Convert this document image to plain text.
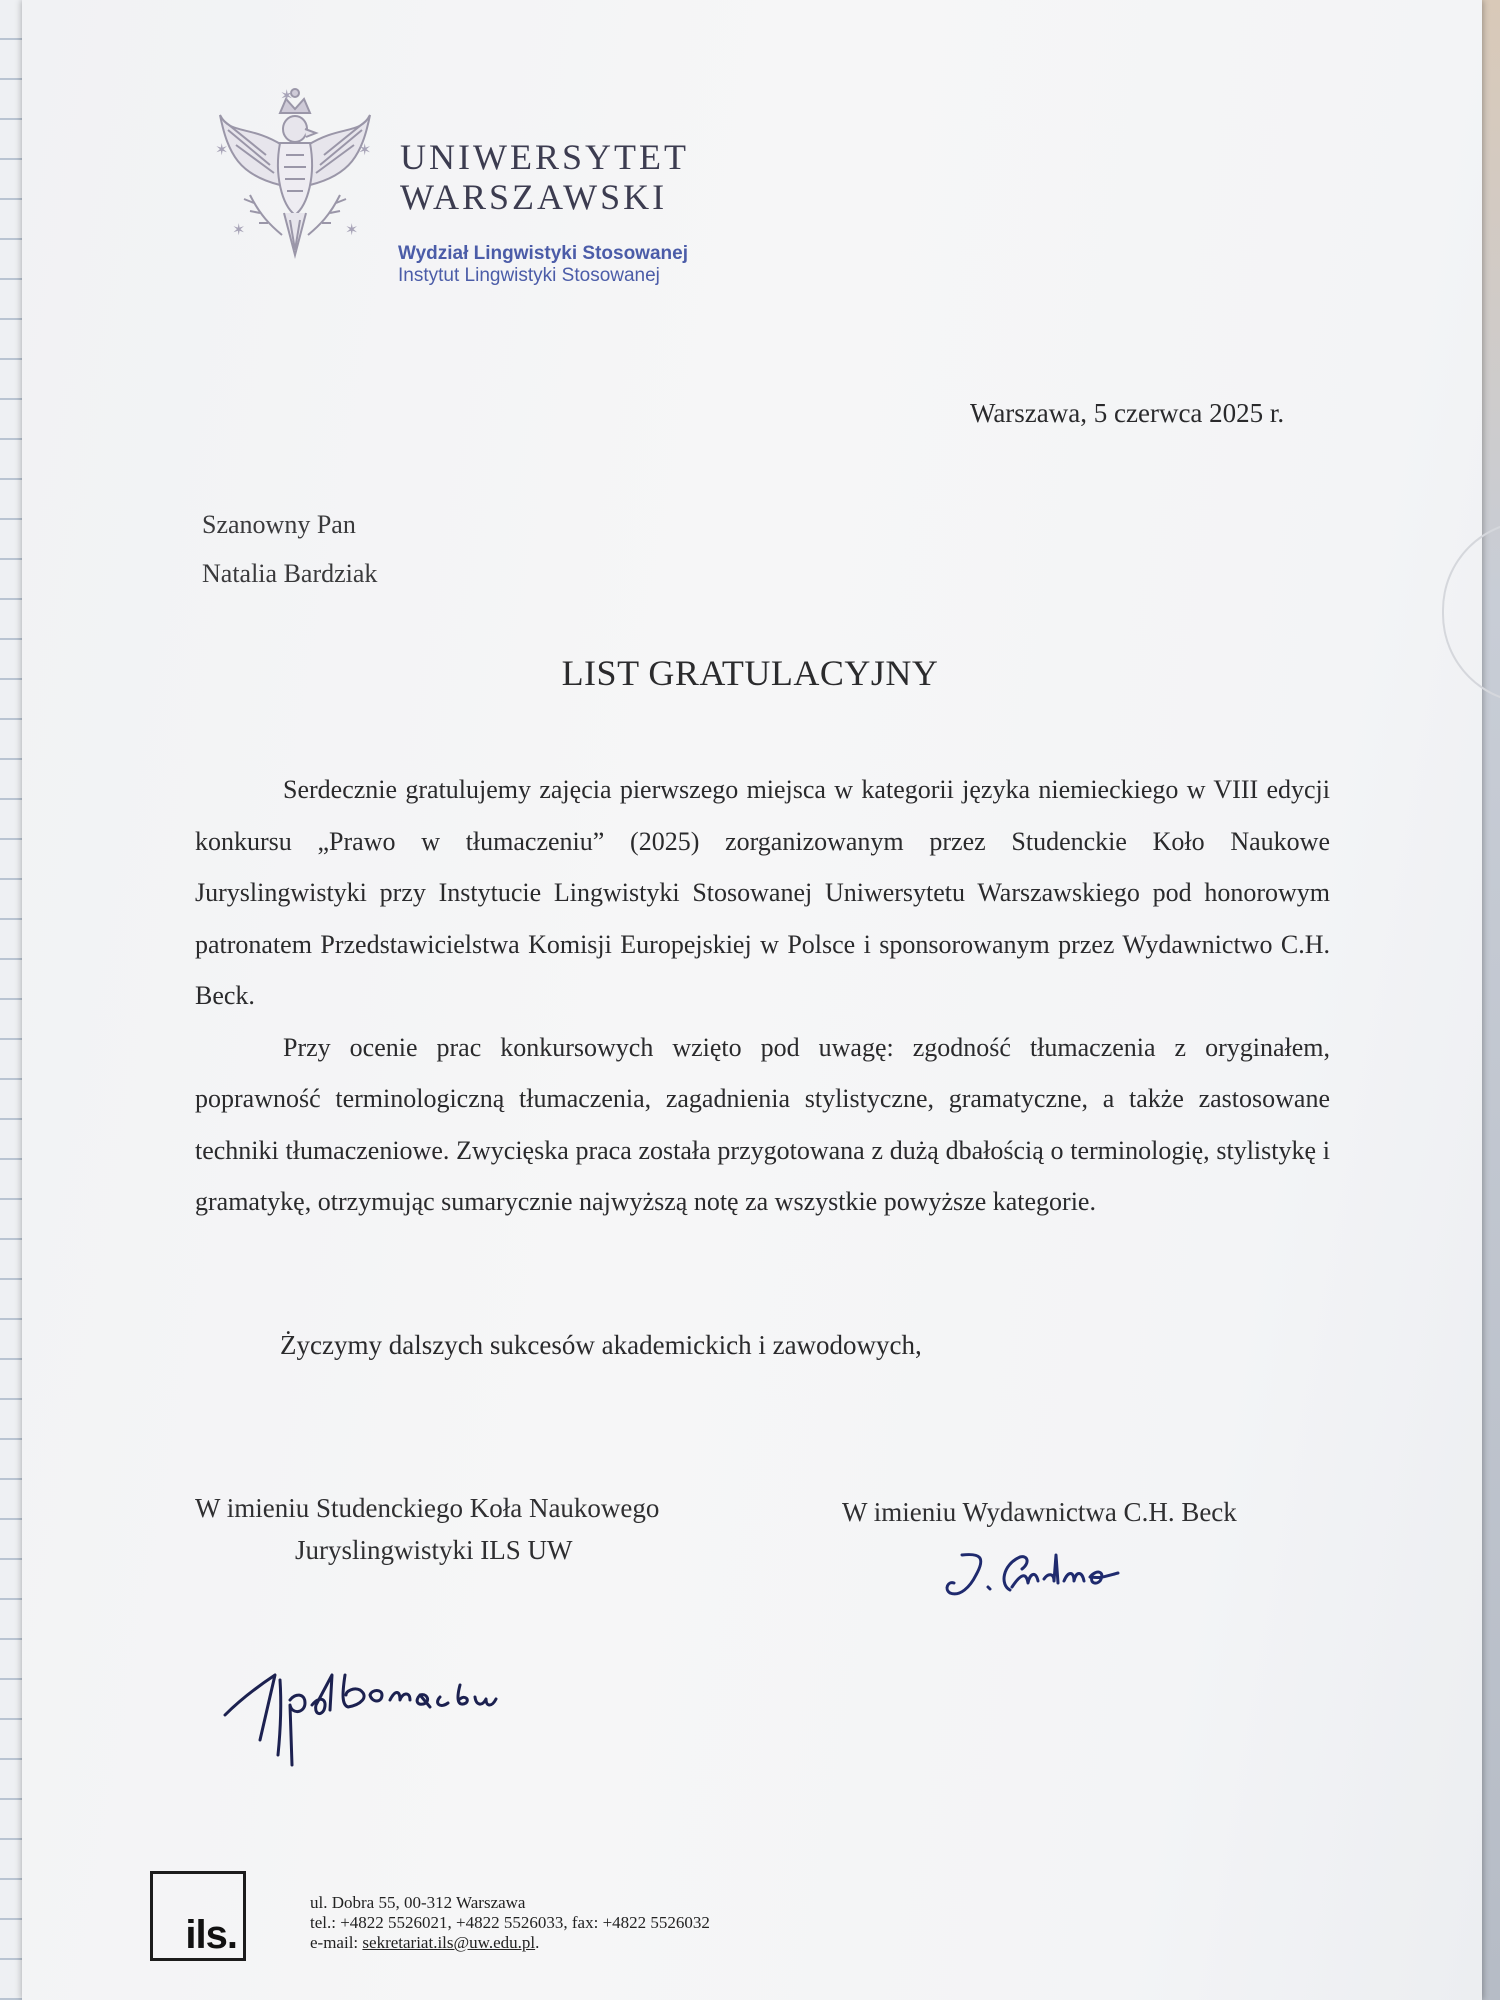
✶
✶	✶
✶	✶
UNIWERSYTET
WARSZAWSKI
Wydział Lingwistyki Stosowanej
Instytut Lingwistyki Stosowanej
Warszawa, 5 czerwca 2025 r.
Szanowny Pan
Natalia Bardziak
LIST GRATULACYJNY

Serdecznie gratulujemy zajęcia pierwszego miejsca w kategorii języka niemieckiego w VIII edycji konkursu „Prawo w tłumaczeniu” (2025) zorganizowanym przez Studenckie Koło Naukowe Juryslingwistyki przy Instytucie Lingwistyki Stosowanej Uniwersytetu Warszawskiego pod honorowym patronatem Przedstawicielstwa Komisji Europejskiej w Polsce i sponsorowanym przez Wydawnictwo C.H. Beck.

Przy ocenie prac konkursowych wzięto pod uwagę: zgodność tłumaczenia z oryginałem, poprawność terminologiczną tłumaczenia, zagadnienia stylistyczne, gramatyczne, a także zastosowane techniki tłumaczeniowe. Zwycięska praca została przygotowana z dużą dbałością o terminologię, stylistykę i gramatykę, otrzymując sumarycznie najwyższą notę za wszystkie powyższe kategorie.

Życzymy dalszych sukcesów akademickich i zawodowych,
W imieniu Studenckiego Koła Naukowego
Juryslingwistyki ILS UW
W imieniu Wydawnictwa C.H. Beck
ils.
ul. Dobra 55, 00-312 Warszawa
tel.: +4822 5526021, +4822 5526033, fax: +4822 5526032
e-mail: sekretariat.ils@uw.edu.pl.
